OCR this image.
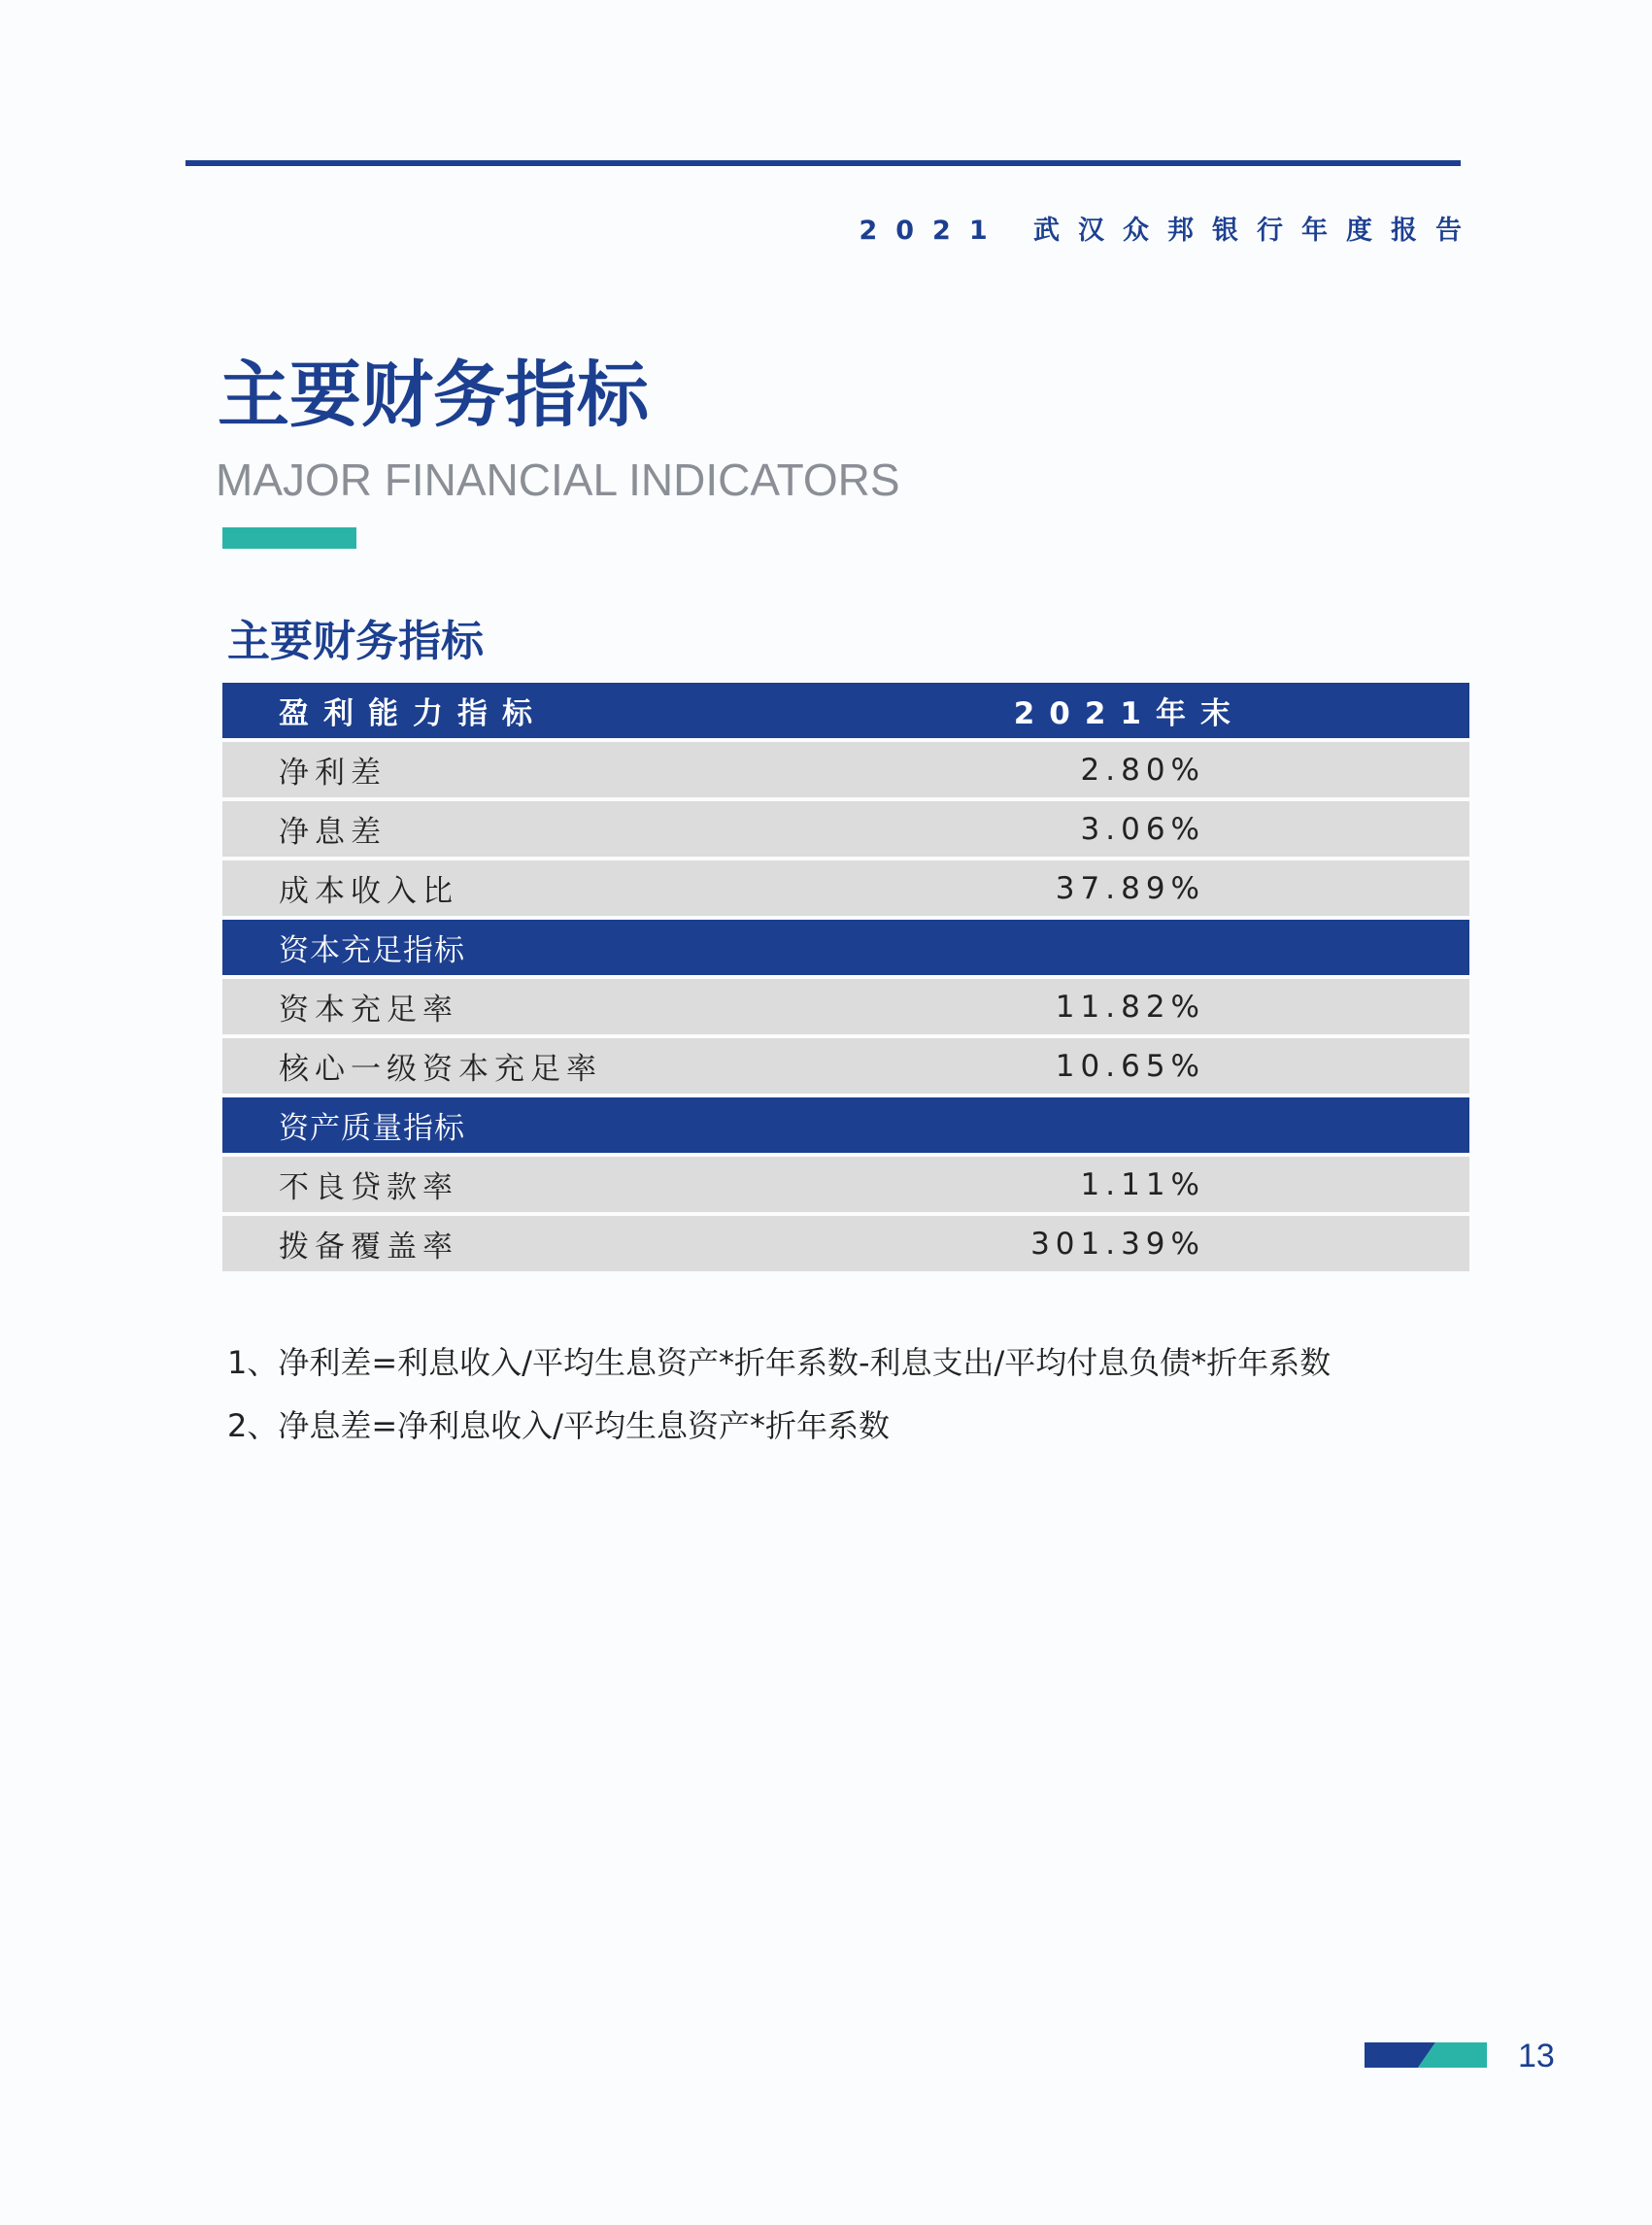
2021 武汉众邦银行年度报告
主要财务指标
MAJOR FINANCIAL INDICATORS
主要财务指标
盈利能力指标	2021年末
净利差	2.80%
净息差	3.06%
成本收入比	37.89%
资本充足指标
资本充足率	11.82%
核心一级资本充足率	10.65%
资产质量指标
不良贷款率	1.11%
拨备覆盖率	301.39%
1、净利差=利息收入/平均生息资产*折年系数-利息支出/平均付息负债*折年系数
2、净息差=净利息收入/平均生息资产*折年系数
13
